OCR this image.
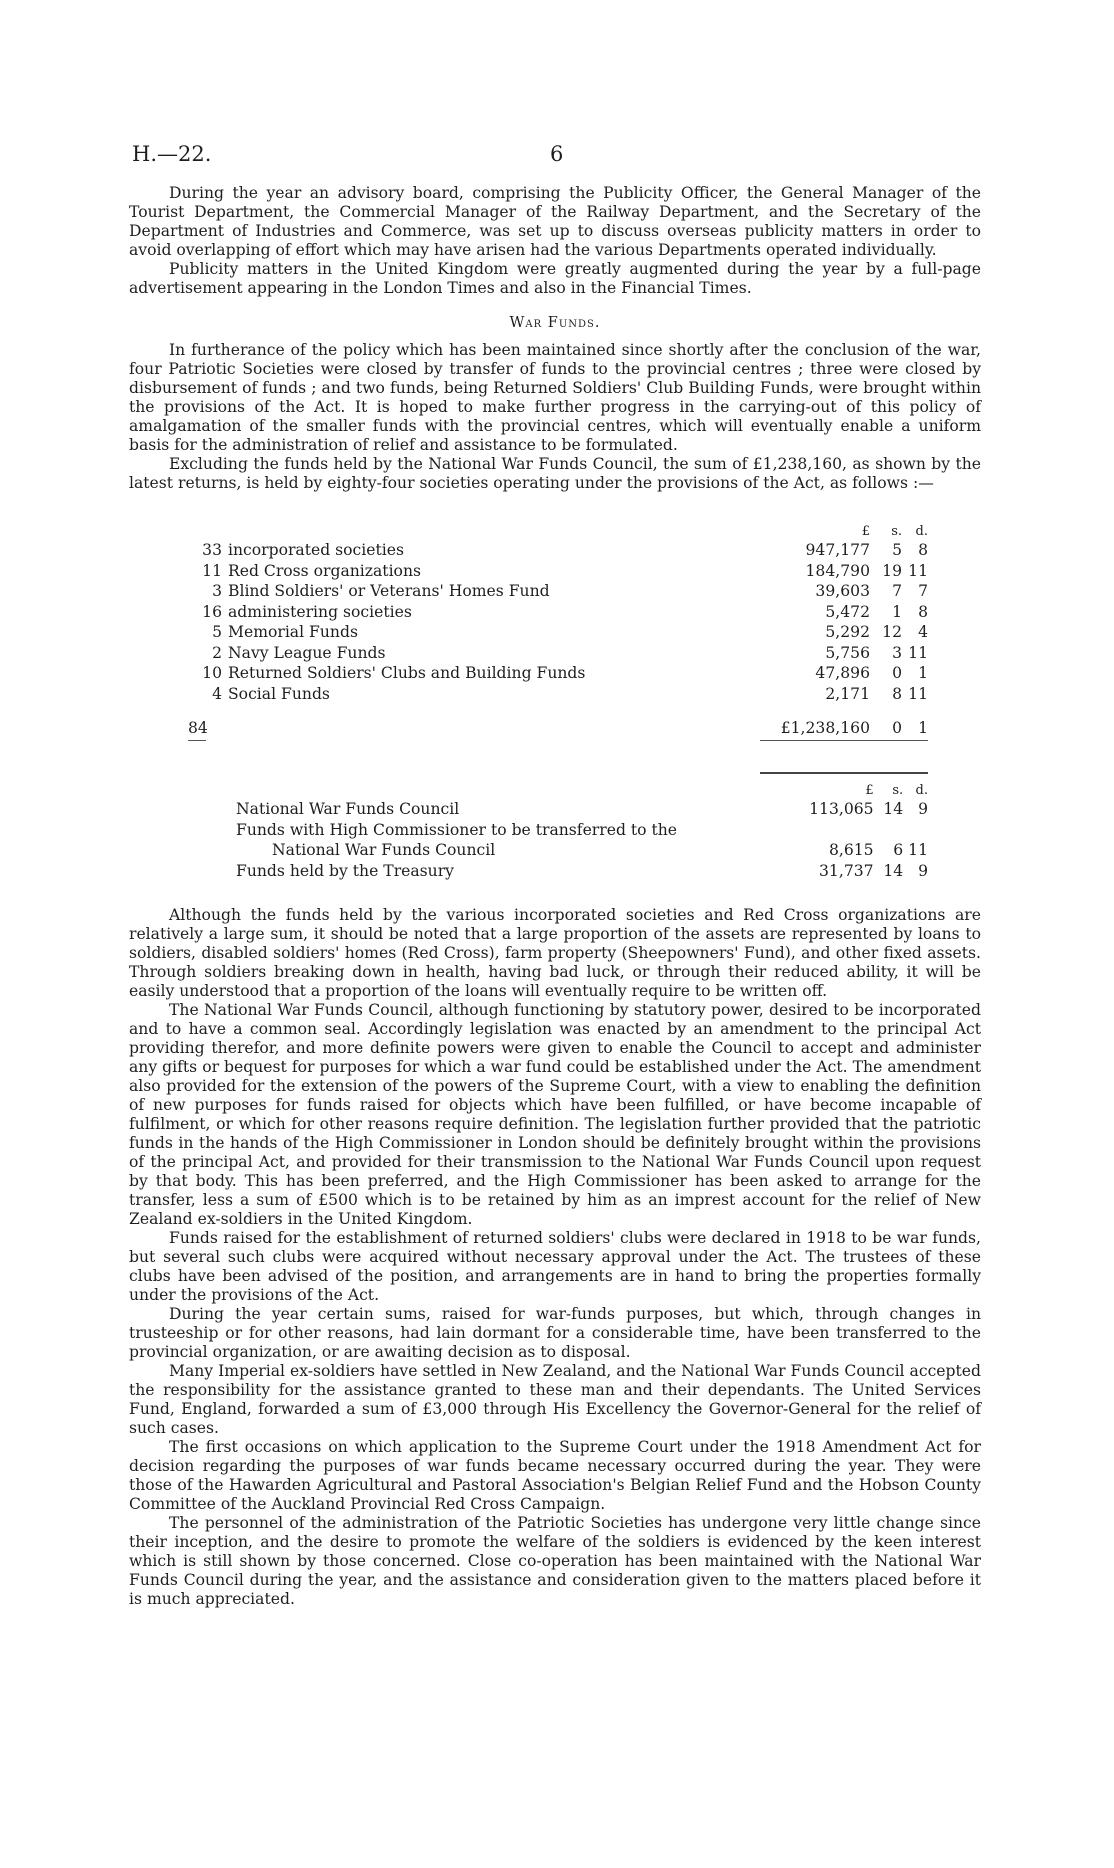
H.—22.	6

During the year an advisory board, comprising the Publicity Officer, the General Manager of the Tourist Department, the Commercial Manager of the Railway Department, and the Secretary of the Department of Industries and Commerce, was set up to discuss overseas publicity matters in order to avoid overlapping of effort which may have arisen had the various Departments operated individually.

Publicity matters in the United Kingdom were greatly augmented during the year by a full-page advertisement appearing in the London Times and also in the Financial Times.

War Funds.

In furtherance of the policy which has been maintained since shortly after the conclusion of the war, four Patriotic Societies were closed by transfer of funds to the provincial centres ; three were closed by disbursement of funds ; and two funds, being Returned Soldiers' Club Building Funds, were brought within the provisions of the Act. It is hoped to make further progress in the carrying-out of this policy of amalgamation of the smaller funds with the provincial centres, which will eventually enable a uniform basis for the administration of relief and assistance to be formulated.

Excluding the funds held by the National War Funds Council, the sum of £1,238,160, as shown by the latest returns, is held by eighty-four societies operating under the provisions of the Act, as follows :—

		£	s.	d.
33	incorporated societies	947,177	5	8
11	Red Cross organizations	184,790	19	11
3	Blind Soldiers' or Veterans' Homes Fund	39,603	7	7
16	administering societies	5,472	1	8
5	Memorial Funds	5,292	12	4
2	Navy League Funds	5,756	3	11
10	Returned Soldiers' Clubs and Building Funds	47,896	0	1
4	Social Funds	2,171	8	11

84		£1,238,160	0	1
	£	s.	d.
National War Funds Council	113,065	14	9
Funds with High Commissioner to be transferred to the			
National War Funds Council	8,615	6	11
Funds held by the Treasury	31,737	14	9

Although the funds held by the various incorporated societies and Red Cross organizations are relatively a large sum, it should be noted that a large proportion of the assets are represented by loans to soldiers, disabled soldiers' homes (Red Cross), farm property (Sheepowners' Fund), and other fixed assets. Through soldiers breaking down in health, having bad luck, or through their reduced ability, it will be easily understood that a proportion of the loans will eventually require to be written off.

The National War Funds Council, although functioning by statutory power, desired to be incorporated and to have a common seal. Accordingly legislation was enacted by an amendment to the principal Act providing therefor, and more definite powers were given to enable the Council to accept and administer any gifts or bequest for purposes for which a war fund could be established under the Act. The amendment also provided for the extension of the powers of the Supreme Court, with a view to enabling the definition of new purposes for funds raised for objects which have been fulfilled, or have become incapable of fulfilment, or which for other reasons require definition. The legislation further provided that the patriotic funds in the hands of the High Commissioner in London should be definitely brought within the provisions of the principal Act, and provided for their transmission to the National War Funds Council upon request by that body. This has been preferred, and the High Commissioner has been asked to arrange for the transfer, less a sum of £500 which is to be retained by him as an imprest account for the relief of New Zealand ex-soldiers in the United Kingdom.

Funds raised for the establishment of returned soldiers' clubs were declared in 1918 to be war funds, but several such clubs were acquired without necessary approval under the Act. The trustees of these clubs have been advised of the position, and arrangements are in hand to bring the properties formally under the provisions of the Act.

During the year certain sums, raised for war-funds purposes, but which, through changes in trusteeship or for other reasons, had lain dormant for a considerable time, have been transferred to the provincial organization, or are awaiting decision as to disposal.

Many Imperial ex-soldiers have settled in New Zealand, and the National War Funds Council accepted the responsibility for the assistance granted to these man and their dependants. The United Services Fund, England, forwarded a sum of £3,000 through His Excellency the Governor-General for the relief of such cases.

The first occasions on which application to the Supreme Court under the 1918 Amendment Act for decision regarding the purposes of war funds became necessary occurred during the year. They were those of the Hawarden Agricultural and Pastoral Association's Belgian Relief Fund and the Hobson County Committee of the Auckland Provincial Red Cross Campaign.

The personnel of the administration of the Patriotic Societies has undergone very little change since their inception, and the desire to promote the welfare of the soldiers is evidenced by the keen interest which is still shown by those concerned. Close co-operation has been maintained with the National War Funds Council during the year, and the assistance and consideration given to the matters placed before it is much appreciated.
